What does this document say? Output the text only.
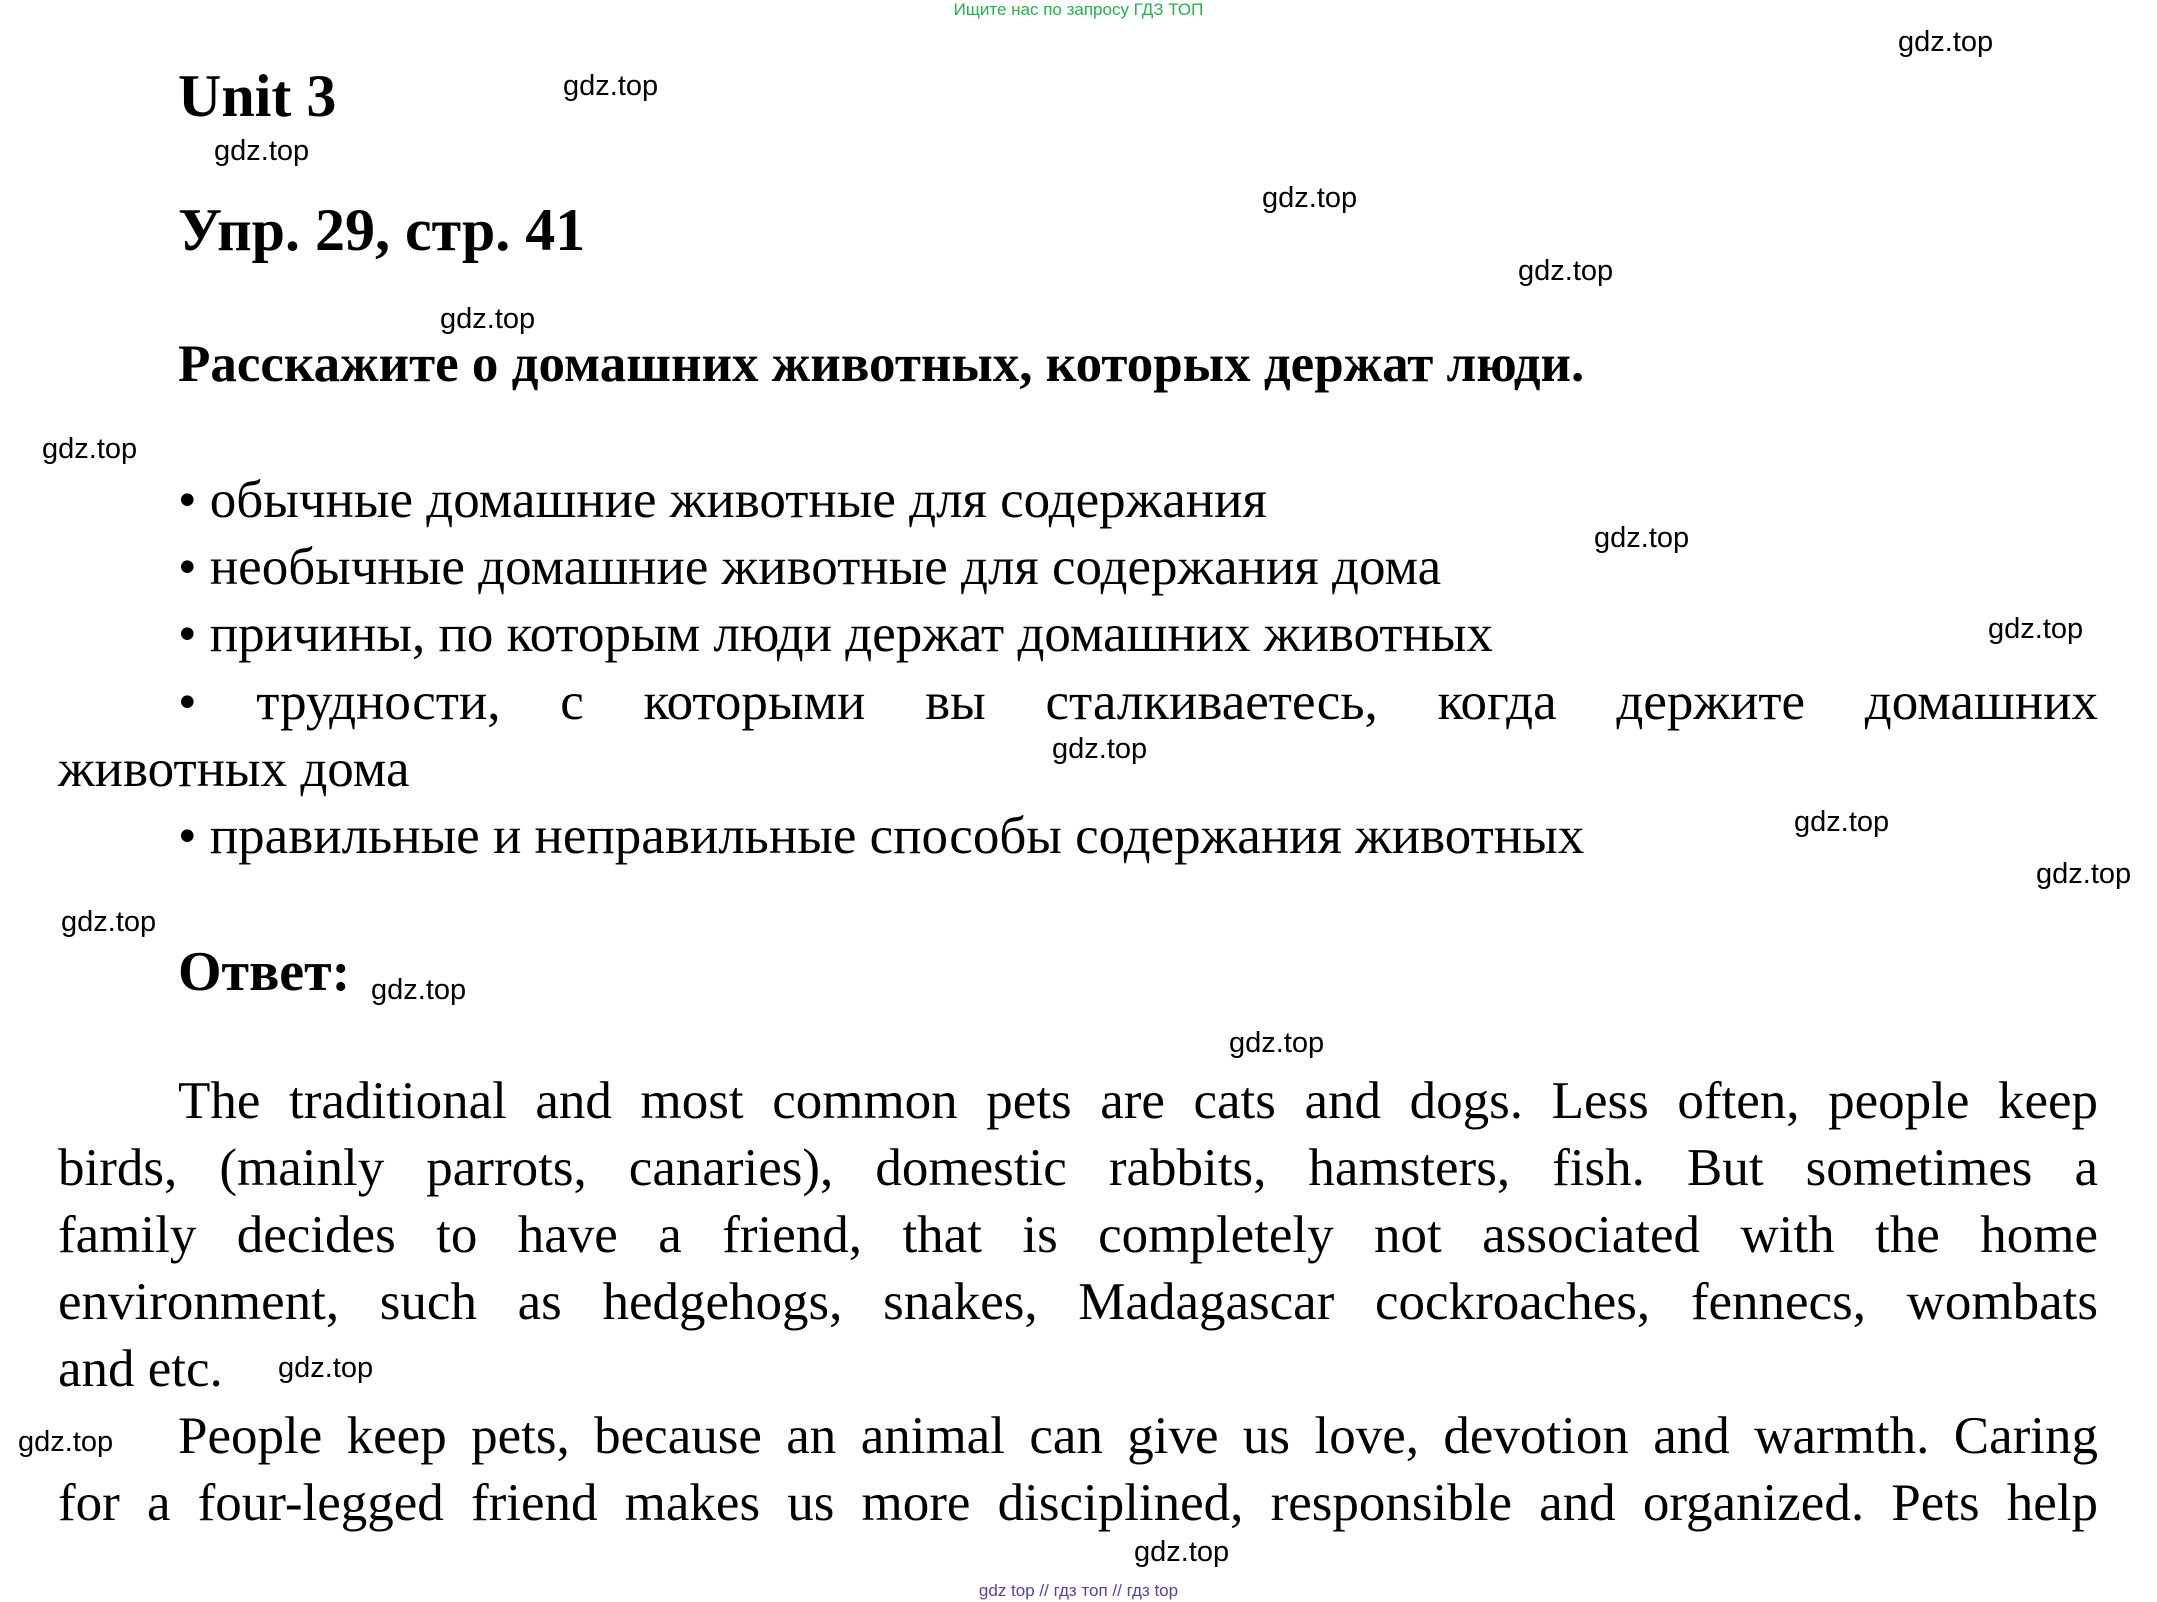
Ищите нас по запросу ГДЗ ТОП
Unit 3
Упр. 29, стр. 41
Расскажите о домашних животных, которых держат люди.
• обычные домашние животные для содержания
• необычные домашние животные для содержания дома
• причины, по которым люди держат домашних животных
• трудности, с которыми вы сталкиваетесь, когда держите домашних
животных дома
• правильные и неправильные способы содержания животных
Ответ:
The traditional and most common pets are cats and dogs. Less often, people keep
birds, (mainly parrots, canaries), domestic rabbits, hamsters, fish. But sometimes a
family decides to have a friend, that is completely not associated with the home
environment, such as hedgehogs, snakes, Madagascar cockroaches, fennecs, wombats
and etc.
People keep pets, because an animal can give us love, devotion and warmth. Caring
for a four-legged friend makes us more disciplined, responsible and organized. Pets help
gdz.top
gdz.top
gdz.top
gdz.top
gdz.top
gdz.top
gdz.top
gdz.top
gdz.top
gdz.top
gdz.top
gdz.top
gdz.top
gdz.top
gdz.top
gdz.top
gdz.top
gdz.top
gdz top // гдз топ // гдз top
